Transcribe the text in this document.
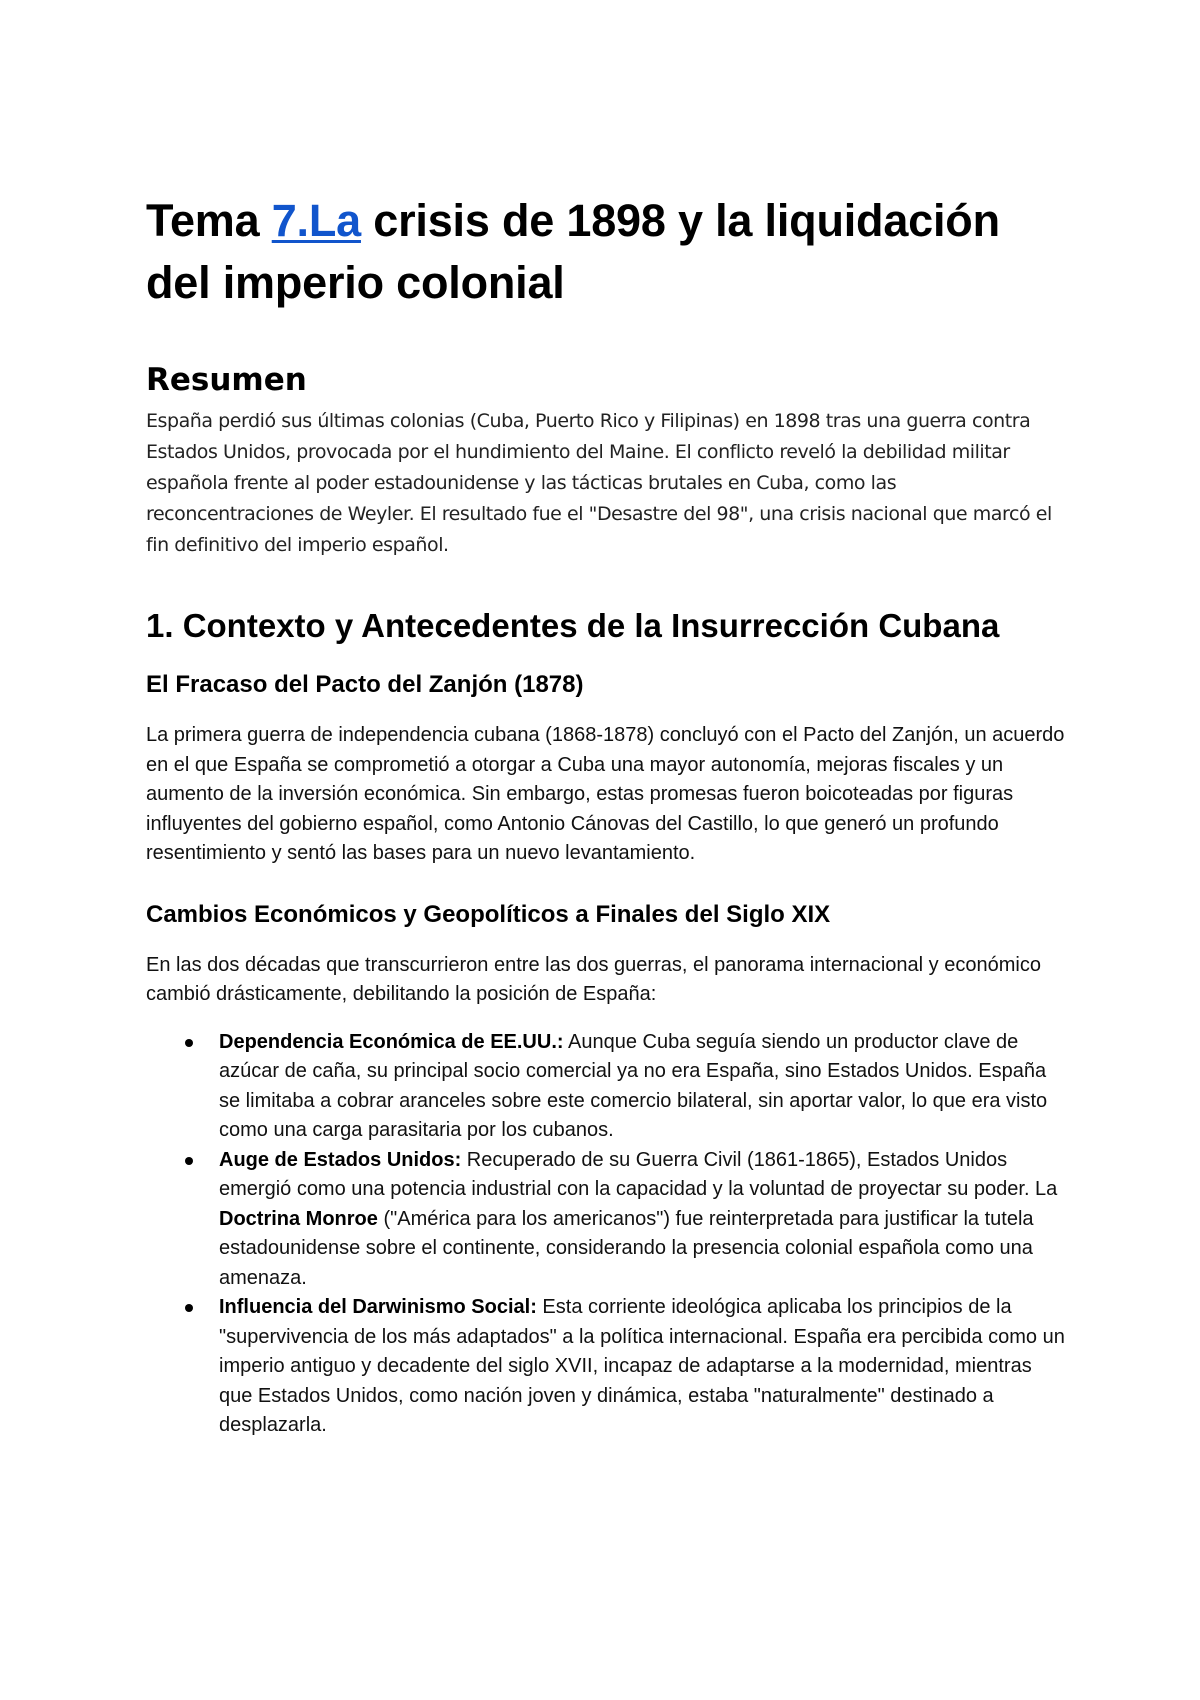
Tema 7.La crisis de 1898 y la liquidación del imperio colonial
Resumen

España perdió sus últimas colonias (Cuba, Puerto Rico y Filipinas) en 1898 tras una guerra contra Estados Unidos, provocada por el hundimiento del Maine. El conflicto reveló la debilidad militar española frente al poder estadounidense y las tácticas brutales en Cuba, como las reconcentraciones de Weyler. El resultado fue el "Desastre del 98", una crisis nacional que marcó el fin definitivo del imperio español.

1. Contexto y Antecedentes de la Insurrección Cubana
El Fracaso del Pacto del Zanjón (1878)

La primera guerra de independencia cubana (1868-1878) concluyó con el Pacto del Zanjón, un acuerdo en el que España se comprometió a otorgar a Cuba una mayor autonomía, mejoras fiscales y un aumento de la inversión económica. Sin embargo, estas promesas fueron boicoteadas por figuras influyentes del gobierno español, como Antonio Cánovas del Castillo, lo que generó un profundo resentimiento y sentó las bases para un nuevo levantamiento.

Cambios Económicos y Geopolíticos a Finales del Siglo XIX

En las dos décadas que transcurrieron entre las dos guerras, el panorama internacional y económico cambió drásticamente, debilitando la posición de España:

Dependencia Económica de EE.UU.: Aunque Cuba seguía siendo un productor clave de azúcar de caña, su principal socio comercial ya no era España, sino Estados Unidos. España se limitaba a cobrar aranceles sobre este comercio bilateral, sin aportar valor, lo que era visto como una carga parasitaria por los cubanos.
Auge de Estados Unidos: Recuperado de su Guerra Civil (1861-1865), Estados Unidos emergió como una potencia industrial con la capacidad y la voluntad de proyectar su poder. La Doctrina Monroe ("América para los americanos") fue reinterpretada para justificar la tutela estadounidense sobre el continente, considerando la presencia colonial española como una amenaza.
Influencia del Darwinismo Social: Esta corriente ideológica aplicaba los principios de la "supervivencia de los más adaptados" a la política internacional. España era percibida como un imperio antiguo y decadente del siglo XVII, incapaz de adaptarse a la modernidad, mientras que Estados Unidos, como nación joven y dinámica, estaba "naturalmente" destinado a desplazarla.
